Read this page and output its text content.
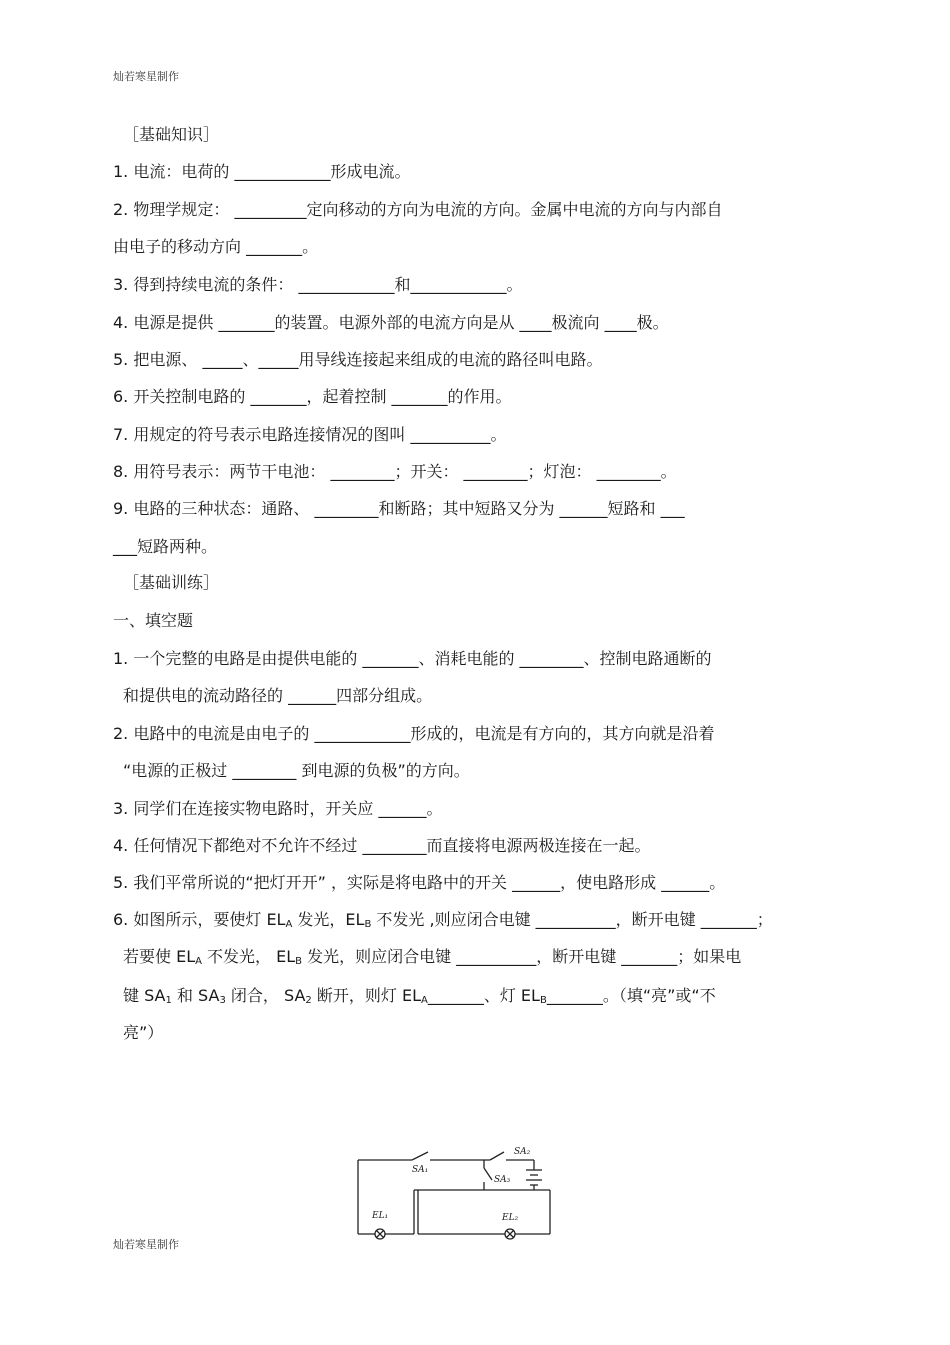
灿若寒星制作
［基础知识］
1. 电流：电荷的 ____________形成电流。
2. 物理学规定： _________定向移动的方向为电流的方向。金属中电流的方向与内部自
由电子的移动方向 _______。
3. 得到持续电流的条件： ____________和____________。
4. 电源是提供 _______的装置。电源外部的电流方向是从 ____极流向 ____极。
5. 把电源、 _____、_____用导线连接起来组成的电流的路径叫电路。
6. 开关控制电路的 _______，起着控制 _______的作用。
7. 用规定的符号表示电路连接情况的图叫 __________。
8. 用符号表示：两节干电池： ________；开关： ________；灯泡： ________。
9. 电路的三种状态：通路、 ________和断路；其中短路又分为 ______短路和 ___
___短路两种。
［基础训练］
一、填空题
1. 一个完整的电路是由提供电能的 _______、消耗电能的 ________、控制电路通断的
和提供电的流动路径的 ______四部分组成。
2. 电路中的电流是由电子的 ____________形成的，电流是有方向的，其方向就是沿着
“电源的正极过 ________ 到电源的负极”的方向。
3. 同学们在连接实物电路时，开关应 ______。
4. 任何情况下都绝对不允许不经过 ________而直接将电源两极连接在一起。
5. 我们平常所说的“把灯开开” ，实际是将电路中的开关 ______，使电路形成 ______。
6. 如图所示，要使灯 $EL_A$ 发光，$EL_B$ 不发光 ,则应闭合电键 __________，断开电键 _______；
若要使 $EL_A$ 不发光， $EL_B$ 发光，则应闭合电键 __________，断开电键 _______；如果电
键 $SA_1$ 和 $SA_3$ 闭合， $SA_2$ 断开，则灯 $EL_A\_\_\_\_\_\_\_$、灯 $EL_B\_\_\_\_\_\_\_$。（填“亮”或“不
亮”）
SA₁
SA₂
SA₃
EL₁	EL₂
灿若寒星制作
